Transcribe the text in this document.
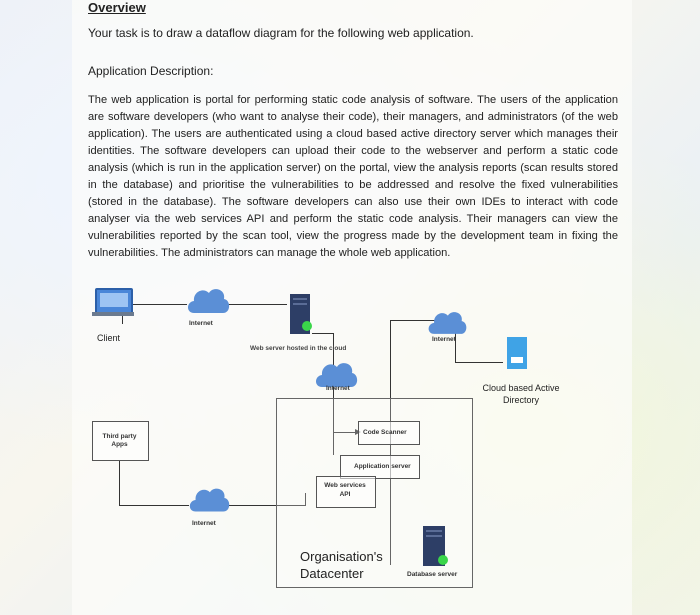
Overview
Your task is to draw a dataflow diagram for the following web application.
Application Description:
The web application is portal for performing static code analysis of software. The users of the application are software developers (who want to analyse their code), their managers, and administrators (of the web application). The users are authenticated using a cloud based active directory server which manages their identities. The software developers can upload their code to the webserver and perform a static code analysis (which is run in the application server) on the portal, view the analysis reports (scan results stored in the database) and prioritise the vulnerabilities to be addressed and resolve the fixed vulnerabilities (stored in the database). The software developers can also use their own IDEs to interact with code analyser via the web services API and perform the static code analysis. Their managers can view the vulnerabilities reported by the scan tool, view the progress made by the development team in fixing the vulnerabilities. The administrators can manage the whole web application.
Client
Internet
Web server hosted in the cloud
Internet
Cloud based Active Directory
Internet
Code Scanner
Application server
Third party Apps
Web services API
Internet
Organisation's Datacenter	Database server
